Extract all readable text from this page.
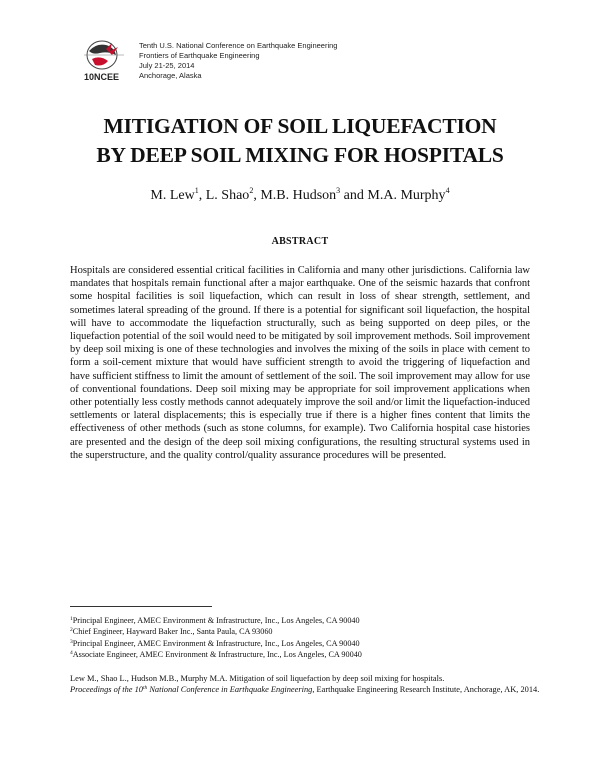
10NCEE
Tenth U.S. National Conference on Earthquake Engineering
Frontiers of Earthquake Engineering
July 21-25, 2014
Anchorage, Alaska
MITIGATION OF SOIL LIQUEFACTION
BY DEEP SOIL MIXING FOR HOSPITALS
M. Lew$^1$, L. Shao$^2$, M.B. Hudson$^3$ and M.A. Murphy$^4$
ABSTRACT
Hospitals are considered essential critical facilities in California and many other jurisdictions. California law mandates that hospitals remain functional after a major earthquake. One of the seismic hazards that confront some hospital facilities is soil liquefaction, which can result in loss of shear strength, settlement, and sometimes lateral spreading of the ground. If there is a potential for significant soil liquefaction, the hospital will have to accommodate the liquefaction structurally, such as being supported on deep piles, or the liquefaction potential of the soil would need to be mitigated by soil improvement methods. Soil improvement by deep soil mixing is one of these technologies and involves the mixing of the soils in place with cement to form a soil-cement mixture that would have sufficient strength to avoid the triggering of liquefaction and have sufficient stiffness to limit the amount of settlement of the soil. The soil improvement may allow for use of conventional foundations. Deep soil mixing may be appropriate for soil improvement applications when other potentially less costly methods cannot adequately improve the soil and/or limit the liquefaction-induced settlements or lateral displacements; this is especially true if there is a higher fines content that limits the effectiveness of other methods (such as stone columns, for example). Two California hospital case histories are presented and the design of the deep soil mixing configurations, the resulting structural systems used in the superstructure, and the quality control/quality assurance procedures will be presented.
$^1$Principal Engineer, AMEC Environment & Infrastructure, Inc., Los Angeles, CA 90040
$^2$Chief Engineer, Hayward Baker Inc., Santa Paula, CA 93060
$^3$Principal Engineer, AMEC Environment & Infrastructure, Inc., Los Angeles, CA 90040
$^4$Associate Engineer, AMEC Environment & Infrastructure, Inc., Los Angeles, CA 90040
Lew M., Shao L., Hudson M.B., Murphy M.A. Mitigation of soil liquefaction by deep soil mixing for hospitals.
Proceedings of the 10th National Conference in Earthquake Engineering, Earthquake Engineering Research Institute, Anchorage, AK, 2014.
